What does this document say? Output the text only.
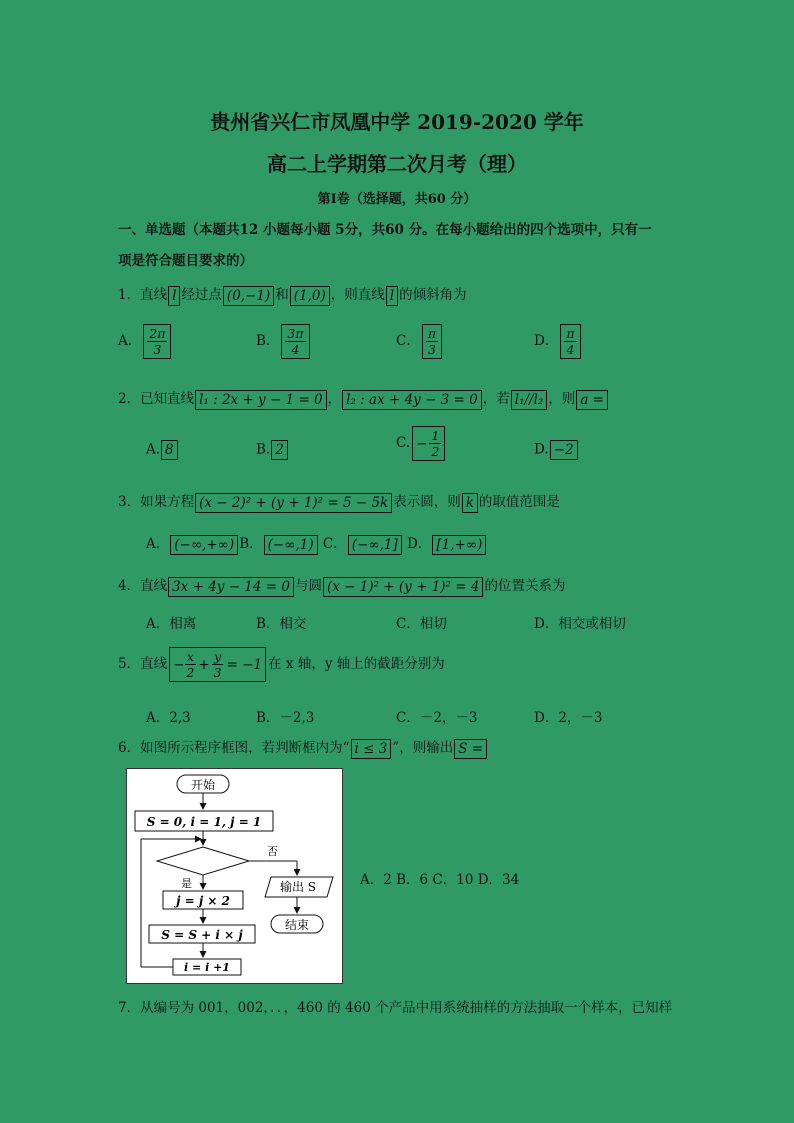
贵州省兴仁市凤凰中学 2019-2020 学年
高二上学期第二次月考（理）
第I卷（选择题，共60 分）
一、单选题（本题共12 小题每小题 5分，共60 分。在每小题给出的四个选项中，只有一
项是符合题目要求的）
1．直线 l 经过点 (0,−1) 和 (1,0) ，则直线 l 的倾斜角为
A． $\frac{2\pi}{3}$	B． $\frac{3\pi}{4}$	C． $\frac{\pi}{3}$	D． $\frac{\pi}{4}$
2．已知直线 l₁ : 2x + y − 1 = 0 ， l₂ : ax + 4y − 3 = 0 ，若 l₁//l₂ ，则 a =
A. 8	B. 2	C. − $\frac{1}{2}$	D. −2
3．如果方程 (x − 2)² + (y + 1)² = 5 − 5k 表示圆，则 k 的取值范围是
A． (−∞,+∞) B． (−∞,1) C． (−∞,1] D． [1,+∞)
4．直线 3x + 4y − 14 = 0 与圆 (x − 1)² + (y + 1)² = 4 的位置关系为
A．相离	B．相交	C．相切	D．相交或相切
5．直线 − $\frac{x}{2} + \frac{y}{3} = -1$ 在 x 轴，y 轴上的截距分别为
A．2,3	B．－2,3	C．－2，－3	D．2，－3
6．如图所示程序框图，若判断框内为“ i ≤ 3 ”，则输出 S =
开始
S = 0, i = 1, j = 1
否
输出 S
结束
是
j = j × 2
S = S + i × j
i = i +1
A．2 B．6 C．10 D．34
7．从编号为 001，002，．．，460 的 460 个产品中用系统抽样的方法抽取一个样本，已知样
